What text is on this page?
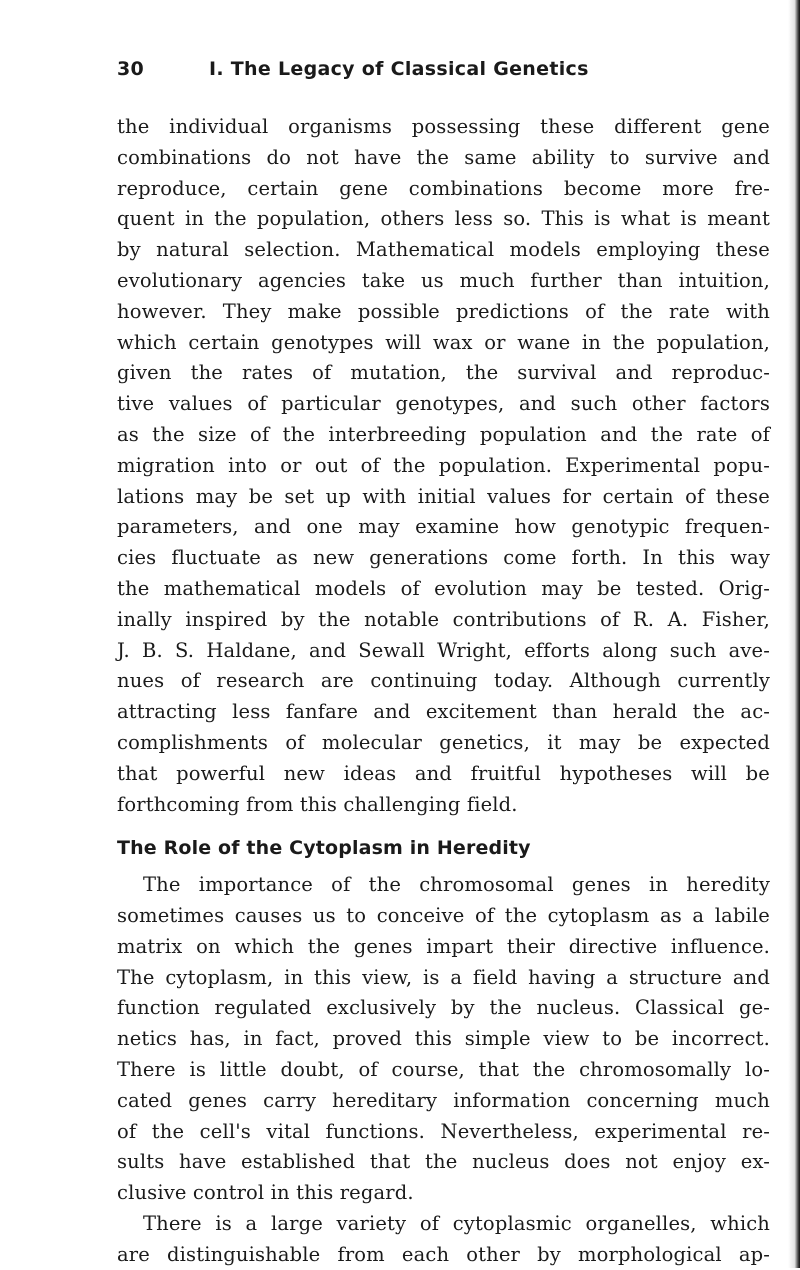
30	I. The Legacy of Classical Genetics
the individual organisms possessing these different gene
combinations do not have the same ability to survive and
reproduce, certain gene combinations become more fre-
quent in the population, others less so. This is what is meant
by natural selection. Mathematical models employing these
evolutionary agencies take us much further than intuition,
however. They make possible predictions of the rate with
which certain genotypes will wax or wane in the population,
given the rates of mutation, the survival and reproduc-
tive values of particular genotypes, and such other factors
as the size of the interbreeding population and the rate of
migration into or out of the population. Experimental popu-
lations may be set up with initial values for certain of these
parameters, and one may examine how genotypic frequen-
cies fluctuate as new generations come forth. In this way
the mathematical models of evolution may be tested. Orig-
inally inspired by the notable contributions of R. A. Fisher,
J. B. S. Haldane, and Sewall Wright, efforts along such ave-
nues of research are continuing today. Although currently
attracting less fanfare and excitement than herald the ac-
complishments of molecular genetics, it may be expected
that powerful new ideas and fruitful hypotheses will be
forthcoming from this challenging field.
The Role of the Cytoplasm in Heredity
The importance of the chromosomal genes in heredity
sometimes causes us to conceive of the cytoplasm as a labile
matrix on which the genes impart their directive influence.
The cytoplasm, in this view, is a field having a structure and
function regulated exclusively by the nucleus. Classical ge-
netics has, in fact, proved this simple view to be incorrect.
There is little doubt, of course, that the chromosomally lo-
cated genes carry hereditary information concerning much
of the cell's vital functions. Nevertheless, experimental re-
sults have established that the nucleus does not enjoy ex-
clusive control in this regard.
There is a large variety of cytoplasmic organelles, which
are distinguishable from each other by morphological ap-
